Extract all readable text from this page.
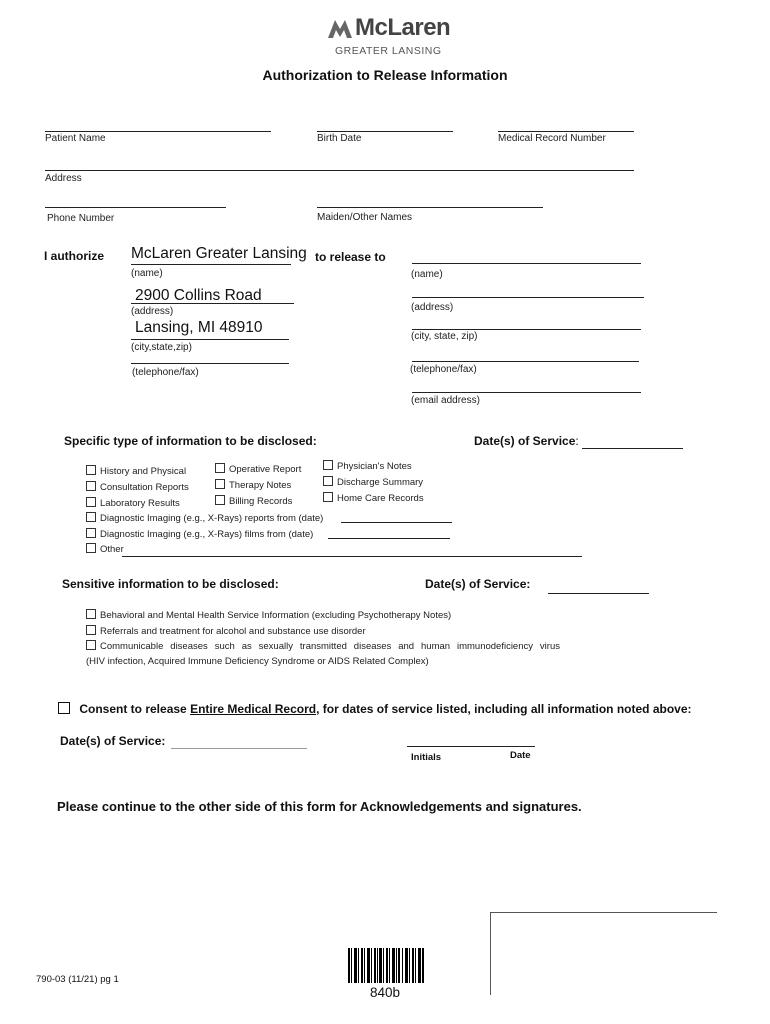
McLaren
GREATER LANSING
Authorization to Release Information
Patient Name	Birth Date	Medical Record Number
Address
Phone Number	Maiden/Other Names
I authorize McLaren Greater Lansing
(name)
to release to
2900 Collins Road
(address)
Lansing, MI 48910
(city,state,zip)
(telephone/fax)
(name)
(address)
(city, state, zip)
(telephone/fax)
(email address)
Specific type of information to be disclosed:	Date(s) of Service:
History and Physical
Consultation Reports
Laboratory Results
Operative Report
Therapy Notes
Billing Records
Physician's Notes
Discharge Summary
Home Care Records
Diagnostic Imaging (e.g., X-Rays) reports from (date)
Diagnostic Imaging (e.g., X-Rays) films from (date)
Other
Sensitive information to be disclosed:	Date(s) of Service:
Behavioral and Mental Health Service Information (excluding Psychotherapy Notes)
Referrals and treatment for alcohol and substance use disorder
Communicable diseases such as sexually transmitted diseases and human immunodeficiency virus
(HIV infection, Acquired Immune Deficiency Syndrome or AIDS Related Complex)
Consent to release Entire Medical Record, for dates of service listed, including all information noted above:
Date(s) of Service:
Initials	Date
Please continue to the other side of this form for Acknowledgements and signatures.
790-03 (11/21) pg 1
840b
